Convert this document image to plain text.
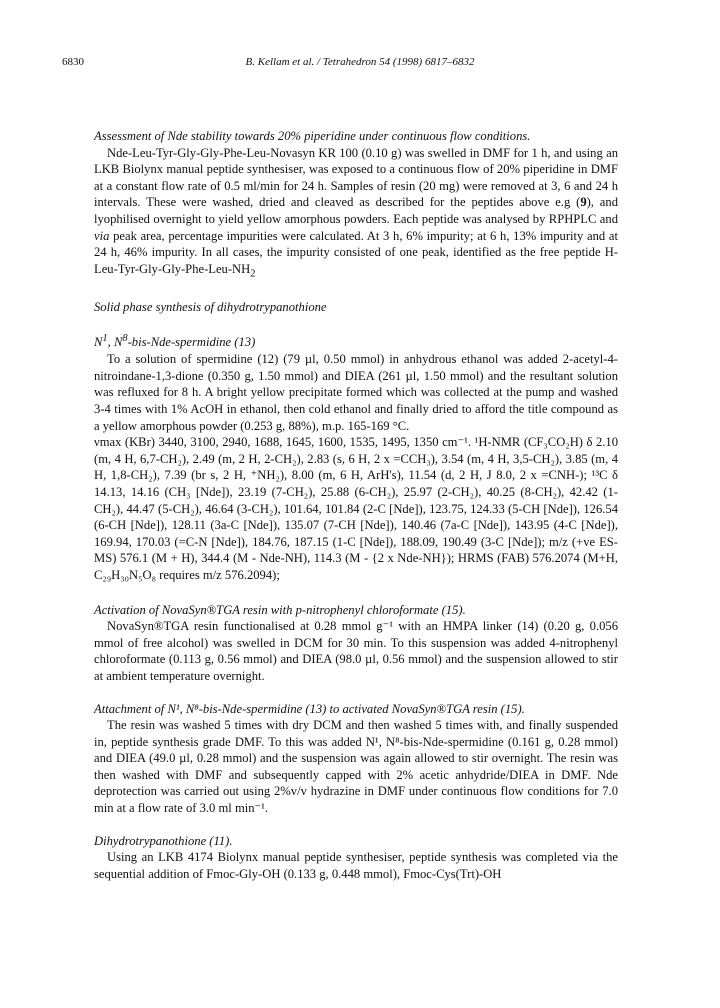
6830	B. Kellam et al. / Tetrahedron 54 (1998) 6817–6832

Assessment of Nde stability towards 20% piperidine under continuous flow conditions.

Nde-Leu-Tyr-Gly-Gly-Phe-Leu-Novasyn KR 100 (0.10 g) was swelled in DMF for 1 h, and using an LKB Biolynx manual peptide synthesiser, was exposed to a continuous flow of 20% piperidine in DMF at a constant flow rate of 0.5 ml/min for 24 h. Samples of resin (20 mg) were removed at 3, 6 and 24 h intervals. These were washed, dried and cleaved as described for the peptides above e.g (9), and lyophilised overnight to yield yellow amorphous powders. Each peptide was analysed by RPHPLC and via peak area, percentage impurities were calculated. At 3 h, 6% impurity; at 6 h, 13% impurity and at 24 h, 46% impurity. In all cases, the impurity consisted of one peak, identified as the free peptide $H-Leu-Tyr-Gly-Gly-Phe-Leu-NH_2$

Solid phase synthesis of dihydrotrypanothione

$N^1$, $N^8-bis-Nde$-spermidine (13)

To a solution of spermidine (12) (79 µl, 0.50 mmol) in anhydrous ethanol was added 2-acetyl-4-nitroindane-1,3-dione (0.350 g, 1.50 mmol) and DIEA (261 µl, 1.50 mmol) and the resultant solution was refluxed for 8 h. A bright yellow precipitate formed which was collected at the pump and washed 3-4 times with 1% AcOH in ethanol, then cold ethanol and finally dried to afford the title compound as a yellow amorphous powder (0.253 g, 88%), m.p. 165-169 °C.

νmax (KBr) 3440, 3100, 2940, 1688, 1645, 1600, 1535, 1495, 1350 cm⁻¹. ¹H-NMR (CF₃CO₂H) δ 2.10 (m, 4 H, 6,7-CH₂), 2.49 (m, 2 H, 2-CH₂), 2.83 (s, 6 H, 2 x =CCH₃), 3.54 (m, 4 H, 3,5-CH₂), 3.85 (m, 4 H, 1,8-CH₂), 7.39 (br s, 2 H, ⁺NH₂), 8.00 (m, 6 H, ArH's), 11.54 (d, 2 H, J 8.0, 2 x =CNH-); ¹³C δ 14.13, 14.16 (CH₃ [Nde]), 23.19 (7-CH₂), 25.88 (6-CH₂), 25.97 (2-CH₂), 40.25 (8-CH₂), 42.42 (1-CH₂), 44.47 (5-CH₂), 46.64 (3-CH₂), 101.64, 101.84 (2-C [Nde]), 123.75, 124.33 (5-CH [Nde]), 126.54 (6-CH [Nde]), 128.11 (3a-C [Nde]), 135.07 (7-CH [Nde]), 140.46 (7a-C [Nde]), 143.95 (4-C [Nde]), 169.94, 170.03 (=C-N [Nde]), 184.76, 187.15 (1-C [Nde]), 188.09, 190.49 (3-C [Nde]); m/z (+ve ES-MS) 576.1 (M + H), 344.4 (M - Nde-NH), 114.3 (M - {2 x Nde-NH}); HRMS (FAB) 576.2074 (M+H, C₂₉H₃₀N₅O₈ requires m/z 576.2094);

Activation of NovaSyn®TGA resin with p-nitrophenyl chloroformate (15).

NovaSyn®TGA resin functionalised at 0.28 mmol g⁻¹ with an HMPA linker (14) (0.20 g, 0.056 mmol of free alcohol) was swelled in DCM for 30 min. To this suspension was added 4-nitrophenyl chloroformate (0.113 g, 0.56 mmol) and DIEA (98.0 µl, 0.56 mmol) and the suspension allowed to stir at ambient temperature overnight.

Attachment of N¹, N⁸-bis-Nde-spermidine (13) to activated NovaSyn®TGA resin (15).

The resin was washed 5 times with dry DCM and then washed 5 times with, and finally suspended in, peptide synthesis grade DMF. To this was added N¹, N⁸-bis-Nde-spermidine (0.161 g, 0.28 mmol) and DIEA (49.0 µl, 0.28 mmol) and the suspension was again allowed to stir overnight. The resin was then washed with DMF and subsequently capped with 2% acetic anhydride/DIEA in DMF. Nde deprotection was carried out using 2%v/v hydrazine in DMF under continuous flow conditions for 7.0 min at a flow rate of 3.0 ml min⁻¹.

Dihydrotrypanothione (11).

Using an LKB 4174 Biolynx manual peptide synthesiser, peptide synthesis was completed via the sequential addition of Fmoc-Gly-OH (0.133 g, 0.448 mmol), Fmoc-Cys(Trt)-OH
